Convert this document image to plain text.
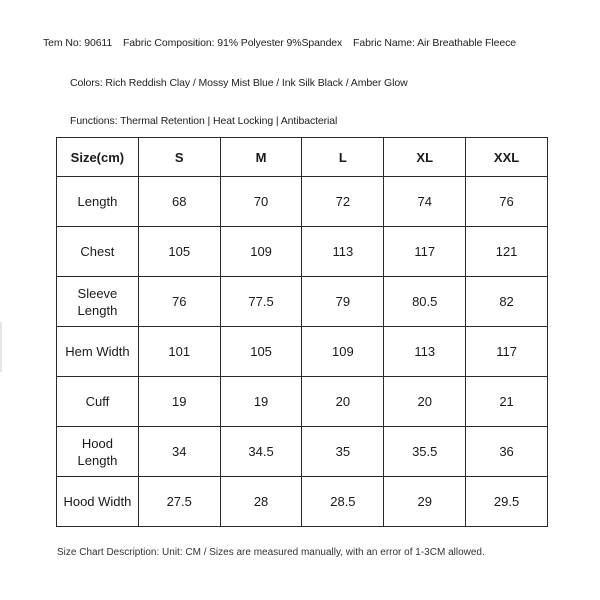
Tem No: 90611 Fabric Composition: 91% Polyester 9%Spandex Fabric Name: Air Breathable Fleece
Colors: Rich Reddish Clay / Mossy Mist Blue / Ink Silk Black / Amber Glow
Functions: Thermal Retention | Heat Locking | Antibacterial
Size(cm)	S	M	L	XL	XXL
Length	68	70	72	74	76
Chest	105	109	113	117	121
Sleeve
Length	76	77.5	79	80.5	82
Hem Width	101	105	109	113	117
Cuff	19	19	20	20	21
Hood
Length	34	34.5	35	35.5	36
Hood Width	27.5	28	28.5	29	29.5
Size Chart Description: Unit: CM / Sizes are measured manually, with an error of 1-3CM allowed.
